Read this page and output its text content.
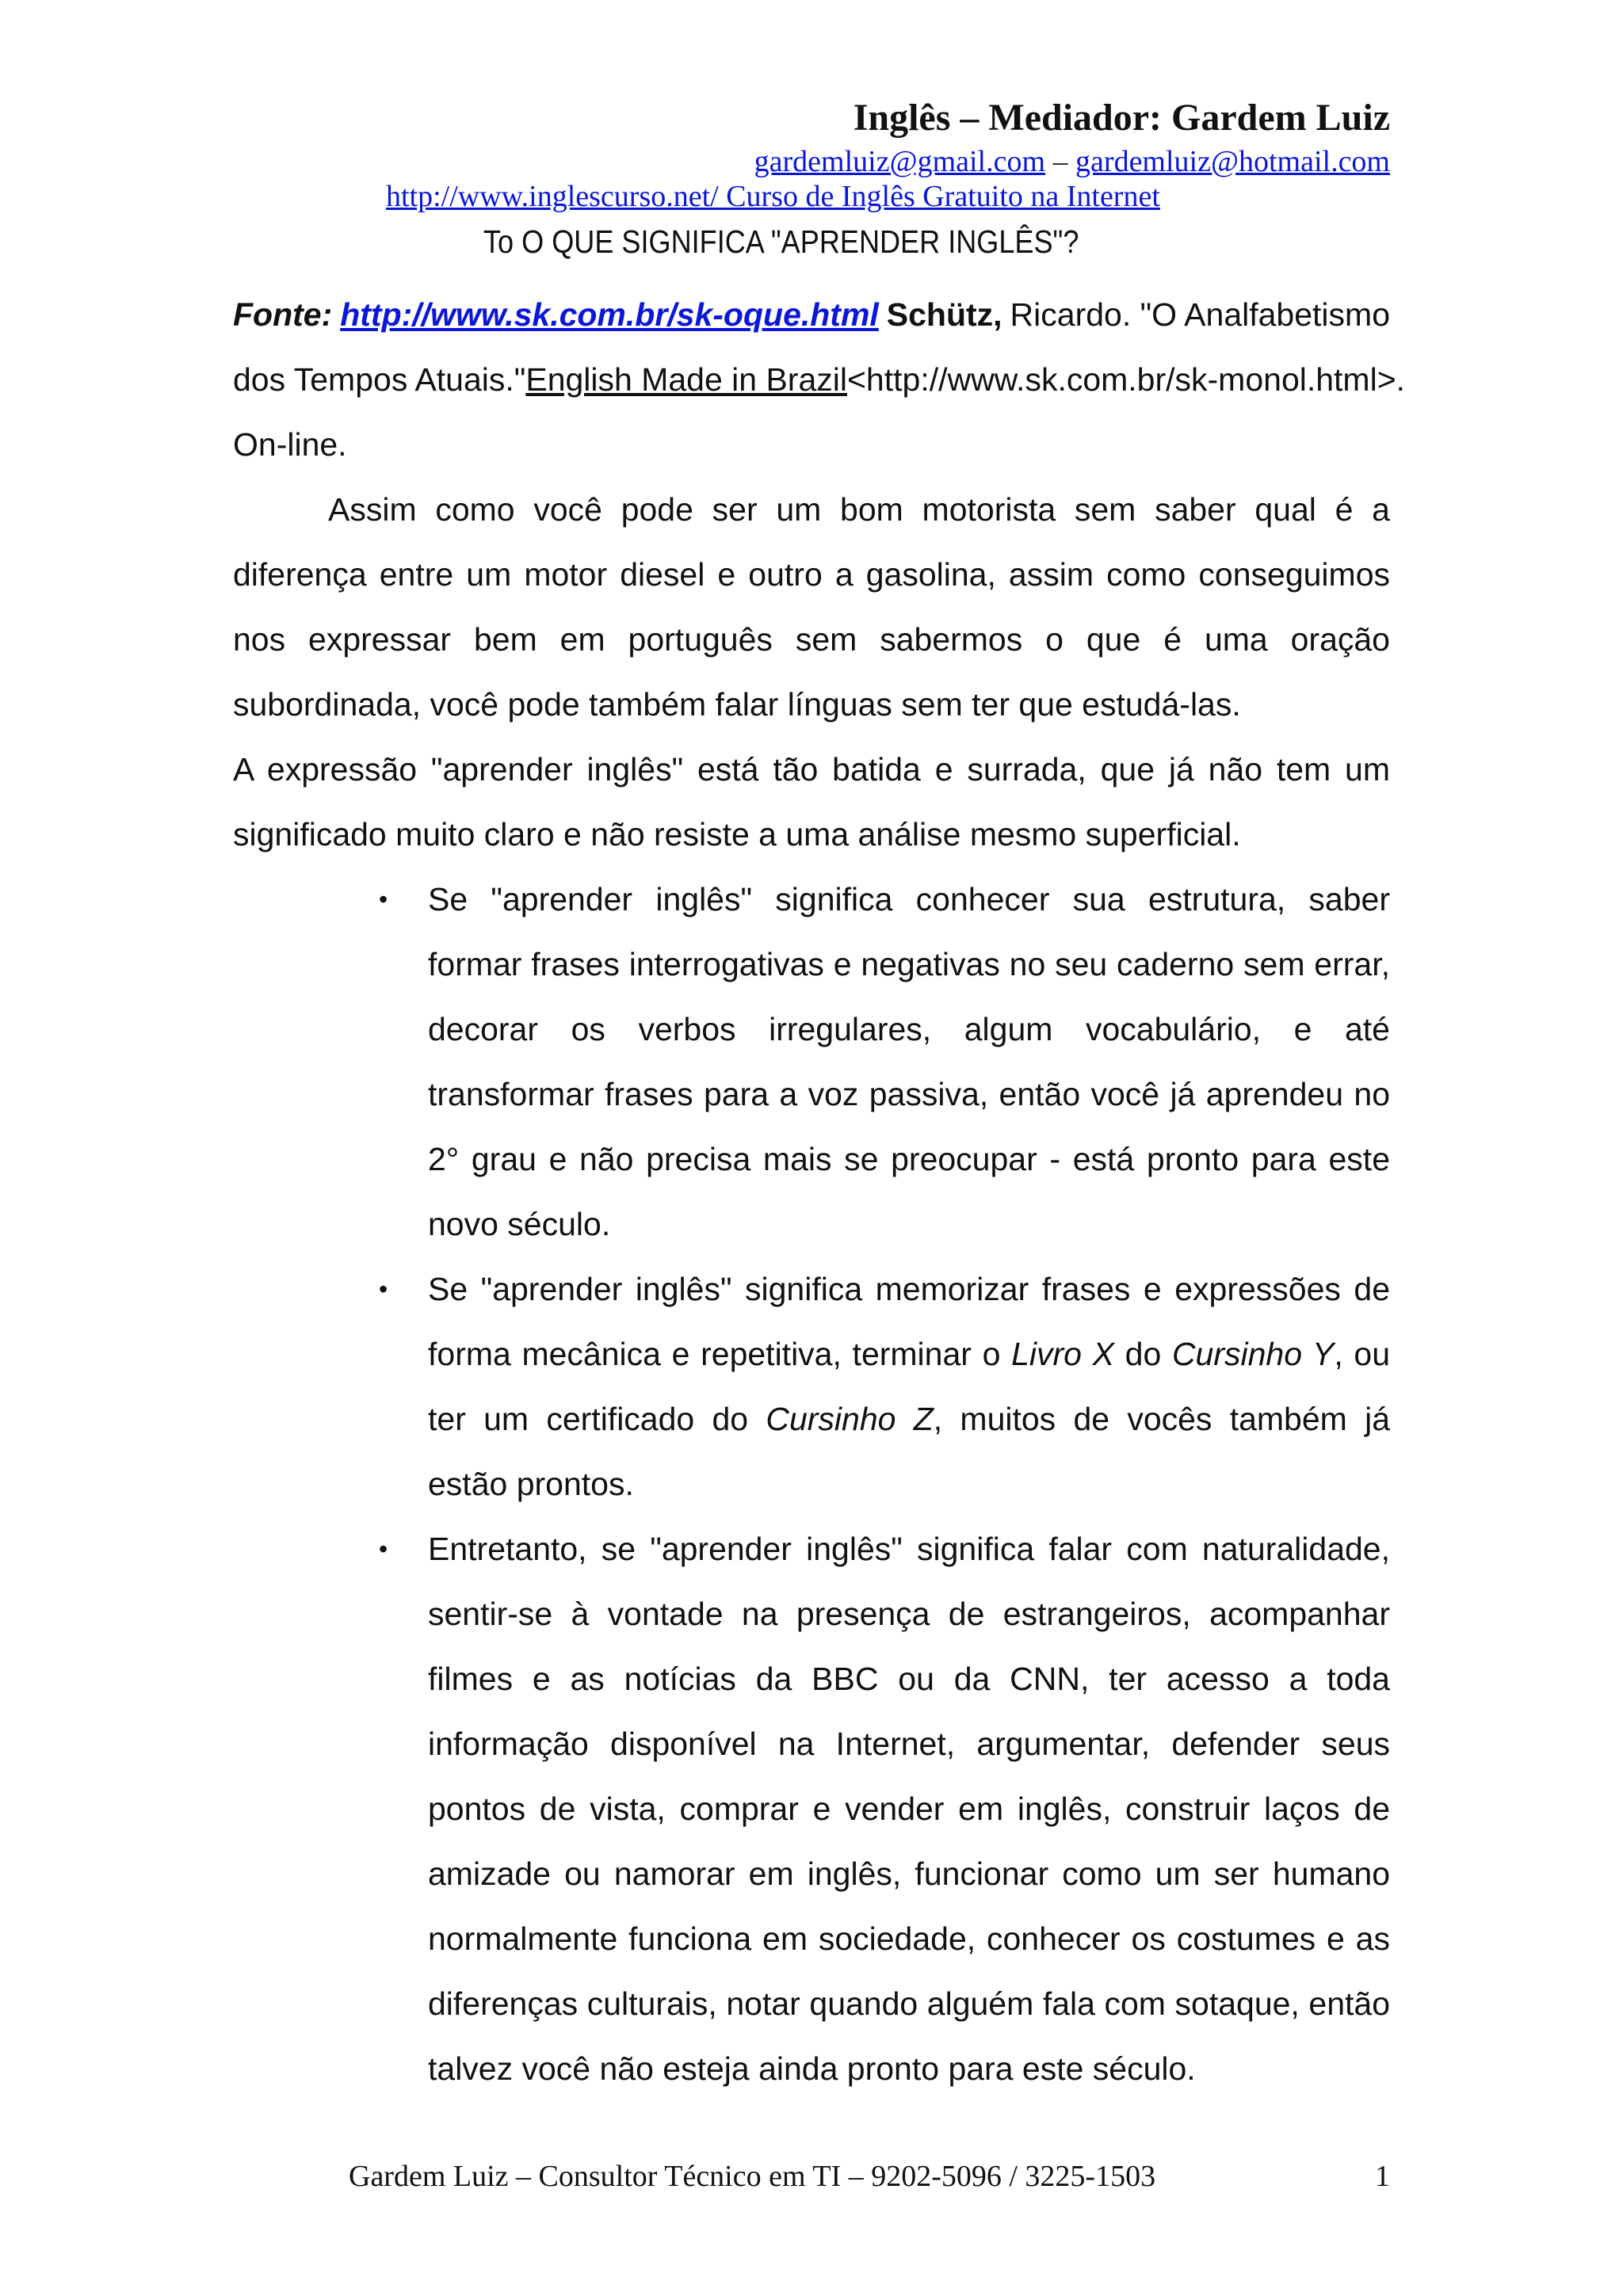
Inglês – Mediador: Gardem Luiz
gardemluiz@gmail.com – gardemluiz@hotmail.com
http://www.inglescurso.net/ Curso de Inglês Gratuito na Internet
To O QUE SIGNIFICA "APRENDER INGLÊS"?
Fonte: http://www.sk.com.br/sk-oque.html Schütz, Ricardo. "O Analfabetismo
dos Tempos Atuais." English Made in Brazil <http://www.sk.com.br/sk-monol.html>.
On-line.
Assim como você pode ser um bom motorista sem saber qual é a diferença entre um motor diesel e outro a gasolina, assim como conseguimos nos expressar bem em português sem sabermos o que é uma oração subordinada, você pode também falar línguas sem ter que estudá-las.
A expressão "aprender inglês" está tão batida e surrada, que já não tem um significado muito claro e não resiste a uma análise mesmo superficial.
• Se "aprender inglês" significa conhecer sua estrutura, saber formar frases interrogativas e negativas no seu caderno sem errar, decorar os verbos irregulares, algum vocabulário, e até transformar frases para a voz passiva, então você já aprendeu no 2° grau e não precisa mais se preocupar - está pronto para este novo século.
• Se "aprender inglês" significa memorizar frases e expressões de forma mecânica e repetitiva, terminar o Livro X do Cursinho Y, ou ter um certificado do Cursinho Z, muitos de vocês também já estão prontos.
• Entretanto, se "aprender inglês" significa falar com naturalidade, sentir-se à vontade na presença de estrangeiros, acompanhar filmes e as notícias da BBC ou da CNN, ter acesso a toda informação disponível na Internet, argumentar, defender seus pontos de vista, comprar e vender em inglês, construir laços de amizade ou namorar em inglês, funcionar como um ser humano normalmente funciona em sociedade, conhecer os costumes e as diferenças culturais, notar quando alguém fala com sotaque, então talvez você não esteja ainda pronto para este século.
Gardem Luiz – Consultor Técnico em TI – 9202-5096 / 3225-1503	1
